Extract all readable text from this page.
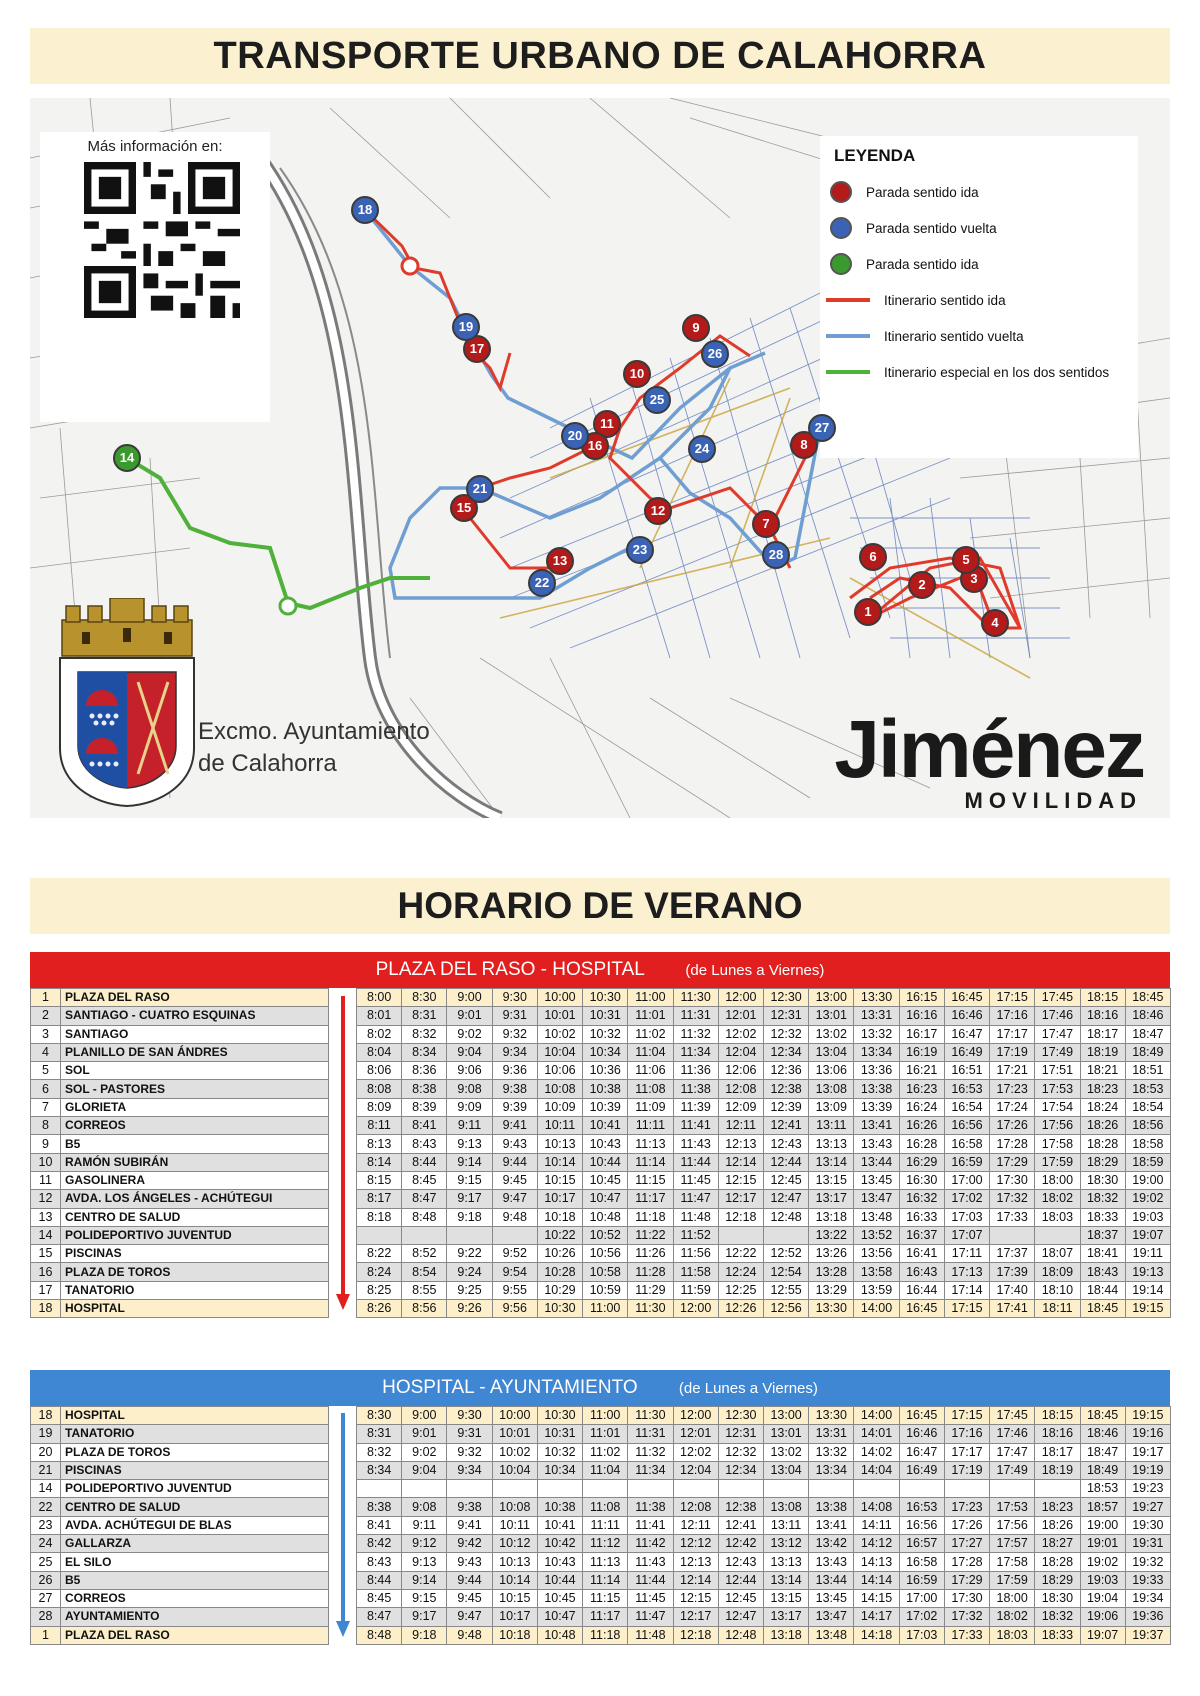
TRANSPORTE URBANO DE CALAHORRA
Más información en:	LEYENDA
Parada sentido ida
Parada sentido vuelta
Parada sentido ida
Itinerario sentido ida
Itinerario sentido vuelta
Itinerario especial en los dos sentidos
1
2	3
4
5
6
7
8
9
10
11
12
13
14
15
16
17
18
19
20
21
22
23
24
25
26
27
28
Excmo. Ayuntamiento
de Calahorra	Jiménez
MOVILIDAD
HORARIO DE VERANO
PLAZA DEL RASO - HOSPITAL	(de Lunes a Viernes)
1	PLAZA DEL RASO		8:00	8:30	9:00	9:30	10:00	10:30	11:00	11:30	12:00	12:30	13:00	13:30	16:15	16:45	17:15	17:45	18:15	18:45
2	SANTIAGO - CUATRO ESQUINAS		8:01	8:31	9:01	9:31	10:01	10:31	11:01	11:31	12:01	12:31	13:01	13:31	16:16	16:46	17:16	17:46	18:16	18:46
3	SANTIAGO		8:02	8:32	9:02	9:32	10:02	10:32	11:02	11:32	12:02	12:32	13:02	13:32	16:17	16:47	17:17	17:47	18:17	18:47
4	PLANILLO DE SAN ÁNDRES		8:04	8:34	9:04	9:34	10:04	10:34	11:04	11:34	12:04	12:34	13:04	13:34	16:19	16:49	17:19	17:49	18:19	18:49
5	SOL		8:06	8:36	9:06	9:36	10:06	10:36	11:06	11:36	12:06	12:36	13:06	13:36	16:21	16:51	17:21	17:51	18:21	18:51
6	SOL - PASTORES		8:08	8:38	9:08	9:38	10:08	10:38	11:08	11:38	12:08	12:38	13:08	13:38	16:23	16:53	17:23	17:53	18:23	18:53
7	GLORIETA		8:09	8:39	9:09	9:39	10:09	10:39	11:09	11:39	12:09	12:39	13:09	13:39	16:24	16:54	17:24	17:54	18:24	18:54
8	CORREOS		8:11	8:41	9:11	9:41	10:11	10:41	11:11	11:41	12:11	12:41	13:11	13:41	16:26	16:56	17:26	17:56	18:26	18:56
9	B5		8:13	8:43	9:13	9:43	10:13	10:43	11:13	11:43	12:13	12:43	13:13	13:43	16:28	16:58	17:28	17:58	18:28	18:58
10	RAMÓN SUBIRÁN		8:14	8:44	9:14	9:44	10:14	10:44	11:14	11:44	12:14	12:44	13:14	13:44	16:29	16:59	17:29	17:59	18:29	18:59
11	GASOLINERA		8:15	8:45	9:15	9:45	10:15	10:45	11:15	11:45	12:15	12:45	13:15	13:45	16:30	17:00	17:30	18:00	18:30	19:00
12	AVDA. LOS ÁNGELES - ACHÚTEGUI		8:17	8:47	9:17	9:47	10:17	10:47	11:17	11:47	12:17	12:47	13:17	13:47	16:32	17:02	17:32	18:02	18:32	19:02
13	CENTRO DE SALUD		8:18	8:48	9:18	9:48	10:18	10:48	11:18	11:48	12:18	12:48	13:18	13:48	16:33	17:03	17:33	18:03	18:33	19:03
14	POLIDEPORTIVO JUVENTUD						10:22	10:52	11:22	11:52			13:22	13:52	16:37	17:07			18:37	19:07
15	PISCINAS		8:22	8:52	9:22	9:52	10:26	10:56	11:26	11:56	12:22	12:52	13:26	13:56	16:41	17:11	17:37	18:07	18:41	19:11
16	PLAZA DE TOROS		8:24	8:54	9:24	9:54	10:28	10:58	11:28	11:58	12:24	12:54	13:28	13:58	16:43	17:13	17:39	18:09	18:43	19:13
17	TANATORIO		8:25	8:55	9:25	9:55	10:29	10:59	11:29	11:59	12:25	12:55	13:29	13:59	16:44	17:14	17:40	18:10	18:44	19:14
18	HOSPITAL		8:26	8:56	9:26	9:56	10:30	11:00	11:30	12:00	12:26	12:56	13:30	14:00	16:45	17:15	17:41	18:11	18:45	19:15
HOSPITAL - AYUNTAMIENTO	(de Lunes a Viernes)
18	HOSPITAL		8:30	9:00	9:30	10:00	10:30	11:00	11:30	12:00	12:30	13:00	13:30	14:00	16:45	17:15	17:45	18:15	18:45	19:15
19	TANATORIO		8:31	9:01	9:31	10:01	10:31	11:01	11:31	12:01	12:31	13:01	13:31	14:01	16:46	17:16	17:46	18:16	18:46	19:16
20	PLAZA DE TOROS		8:32	9:02	9:32	10:02	10:32	11:02	11:32	12:02	12:32	13:02	13:32	14:02	16:47	17:17	17:47	18:17	18:47	19:17
21	PISCINAS		8:34	9:04	9:34	10:04	10:34	11:04	11:34	12:04	12:34	13:04	13:34	14:04	16:49	17:19	17:49	18:19	18:49	19:19
14	POLIDEPORTIVO JUVENTUD																		18:53	19:23
22	CENTRO DE SALUD		8:38	9:08	9:38	10:08	10:38	11:08	11:38	12:08	12:38	13:08	13:38	14:08	16:53	17:23	17:53	18:23	18:57	19:27
23	AVDA. ACHÚTEGUI DE BLAS		8:41	9:11	9:41	10:11	10:41	11:11	11:41	12:11	12:41	13:11	13:41	14:11	16:56	17:26	17:56	18:26	19:00	19:30
24	GALLARZA		8:42	9:12	9:42	10:12	10:42	11:12	11:42	12:12	12:42	13:12	13:42	14:12	16:57	17:27	17:57	18:27	19:01	19:31
25	EL SILO		8:43	9:13	9:43	10:13	10:43	11:13	11:43	12:13	12:43	13:13	13:43	14:13	16:58	17:28	17:58	18:28	19:02	19:32
26	B5		8:44	9:14	9:44	10:14	10:44	11:14	11:44	12:14	12:44	13:14	13:44	14:14	16:59	17:29	17:59	18:29	19:03	19:33
27	CORREOS		8:45	9:15	9:45	10:15	10:45	11:15	11:45	12:15	12:45	13:15	13:45	14:15	17:00	17:30	18:00	18:30	19:04	19:34
28	AYUNTAMIENTO		8:47	9:17	9:47	10:17	10:47	11:17	11:47	12:17	12:47	13:17	13:47	14:17	17:02	17:32	18:02	18:32	19:06	19:36
1	PLAZA DEL RASO		8:48	9:18	9:48	10:18	10:48	11:18	11:48	12:18	12:48	13:18	13:48	14:18	17:03	17:33	18:03	18:33	19:07	19:37
